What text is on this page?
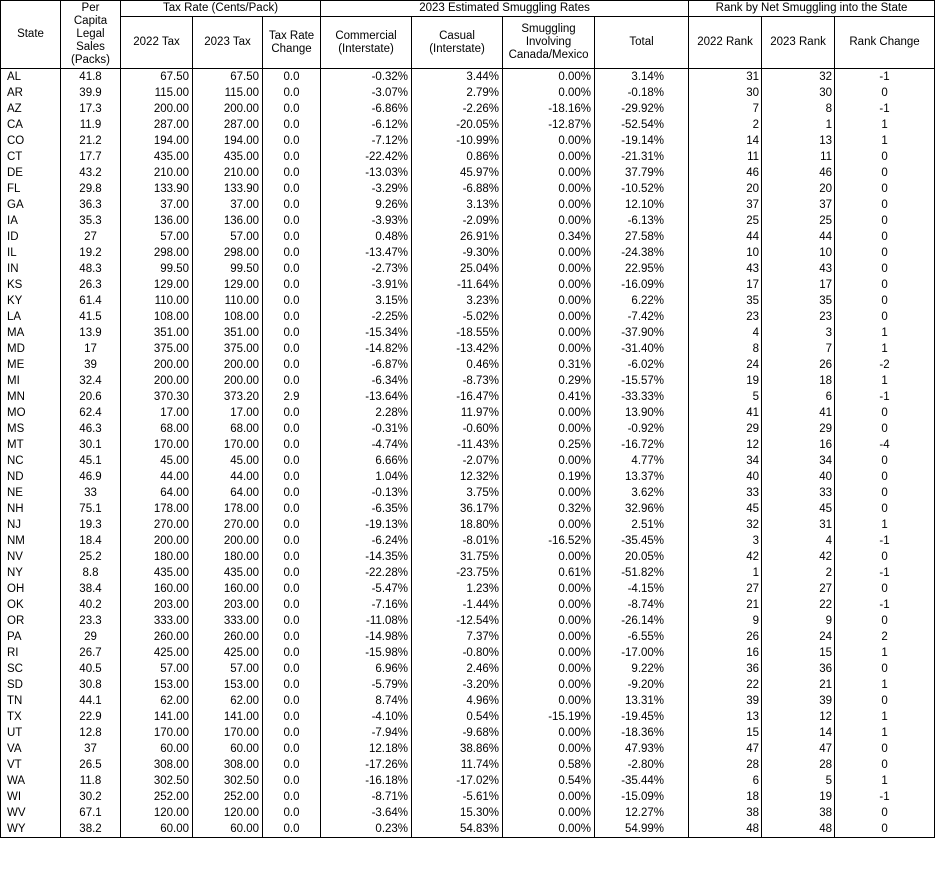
State	Per Capita Legal Sales (Packs)	Tax Rate (Cents/Pack)			2023 Estimated Smuggling Rates				Rank by Net Smuggling into the State		
		2022 Tax	2023 Tax	Tax Rate Change	Commercial (Interstate)	Casual (Interstate)	Smuggling Involving Canada/Mexico	Total	2022 Rank	2023 Rank	Rank Change
AL	41.8	67.50	67.50	0.0	-0.32%	3.44%	0.00%	3.14%	31	32	-1
AR	39.9	115.00	115.00	0.0	-3.07%	2.79%	0.00%	-0.18%	30	30	0
AZ	17.3	200.00	200.00	0.0	-6.86%	-2.26%	-18.16%	-29.92%	7	8	-1
CA	11.9	287.00	287.00	0.0	-6.12%	-20.05%	-12.87%	-52.54%	2	1	1
CO	21.2	194.00	194.00	0.0	-7.12%	-10.99%	0.00%	-19.14%	14	13	1
CT	17.7	435.00	435.00	0.0	-22.42%	0.86%	0.00%	-21.31%	11	11	0
DE	43.2	210.00	210.00	0.0	-13.03%	45.97%	0.00%	37.79%	46	46	0
FL	29.8	133.90	133.90	0.0	-3.29%	-6.88%	0.00%	-10.52%	20	20	0
GA	36.3	37.00	37.00	0.0	9.26%	3.13%	0.00%	12.10%	37	37	0
IA	35.3	136.00	136.00	0.0	-3.93%	-2.09%	0.00%	-6.13%	25	25	0
ID	27	57.00	57.00	0.0	0.48%	26.91%	0.34%	27.58%	44	44	0
IL	19.2	298.00	298.00	0.0	-13.47%	-9.30%	0.00%	-24.38%	10	10	0
IN	48.3	99.50	99.50	0.0	-2.73%	25.04%	0.00%	22.95%	43	43	0
KS	26.3	129.00	129.00	0.0	-3.91%	-11.64%	0.00%	-16.09%	17	17	0
KY	61.4	110.00	110.00	0.0	3.15%	3.23%	0.00%	6.22%	35	35	0
LA	41.5	108.00	108.00	0.0	-2.25%	-5.02%	0.00%	-7.42%	23	23	0
MA	13.9	351.00	351.00	0.0	-15.34%	-18.55%	0.00%	-37.90%	4	3	1
MD	17	375.00	375.00	0.0	-14.82%	-13.42%	0.00%	-31.40%	8	7	1
ME	39	200.00	200.00	0.0	-6.87%	0.46%	0.31%	-6.02%	24	26	-2
MI	32.4	200.00	200.00	0.0	-6.34%	-8.73%	0.29%	-15.57%	19	18	1
MN	20.6	370.30	373.20	2.9	-13.64%	-16.47%	0.41%	-33.33%	5	6	-1
MO	62.4	17.00	17.00	0.0	2.28%	11.97%	0.00%	13.90%	41	41	0
MS	46.3	68.00	68.00	0.0	-0.31%	-0.60%	0.00%	-0.92%	29	29	0
MT	30.1	170.00	170.00	0.0	-4.74%	-11.43%	0.25%	-16.72%	12	16	-4
NC	45.1	45.00	45.00	0.0	6.66%	-2.07%	0.00%	4.77%	34	34	0
ND	46.9	44.00	44.00	0.0	1.04%	12.32%	0.19%	13.37%	40	40	0
NE	33	64.00	64.00	0.0	-0.13%	3.75%	0.00%	3.62%	33	33	0
NH	75.1	178.00	178.00	0.0	-6.35%	36.17%	0.32%	32.96%	45	45	0
NJ	19.3	270.00	270.00	0.0	-19.13%	18.80%	0.00%	2.51%	32	31	1
NM	18.4	200.00	200.00	0.0	-6.24%	-8.01%	-16.52%	-35.45%	3	4	-1
NV	25.2	180.00	180.00	0.0	-14.35%	31.75%	0.00%	20.05%	42	42	0
NY	8.8	435.00	435.00	0.0	-22.28%	-23.75%	0.61%	-51.82%	1	2	-1
OH	38.4	160.00	160.00	0.0	-5.47%	1.23%	0.00%	-4.15%	27	27	0
OK	40.2	203.00	203.00	0.0	-7.16%	-1.44%	0.00%	-8.74%	21	22	-1
OR	23.3	333.00	333.00	0.0	-11.08%	-12.54%	0.00%	-26.14%	9	9	0
PA	29	260.00	260.00	0.0	-14.98%	7.37%	0.00%	-6.55%	26	24	2
RI	26.7	425.00	425.00	0.0	-15.98%	-0.80%	0.00%	-17.00%	16	15	1
SC	40.5	57.00	57.00	0.0	6.96%	2.46%	0.00%	9.22%	36	36	0
SD	30.8	153.00	153.00	0.0	-5.79%	-3.20%	0.00%	-9.20%	22	21	1
TN	44.1	62.00	62.00	0.0	8.74%	4.96%	0.00%	13.31%	39	39	0
TX	22.9	141.00	141.00	0.0	-4.10%	0.54%	-15.19%	-19.45%	13	12	1
UT	12.8	170.00	170.00	0.0	-7.94%	-9.68%	0.00%	-18.36%	15	14	1
VA	37	60.00	60.00	0.0	12.18%	38.86%	0.00%	47.93%	47	47	0
VT	26.5	308.00	308.00	0.0	-17.26%	11.74%	0.58%	-2.80%	28	28	0
WA	11.8	302.50	302.50	0.0	-16.18%	-17.02%	0.54%	-35.44%	6	5	1
WI	30.2	252.00	252.00	0.0	-8.71%	-5.61%	0.00%	-15.09%	18	19	-1
WV	67.1	120.00	120.00	0.0	-3.64%	15.30%	0.00%	12.27%	38	38	0
WY	38.2	60.00	60.00	0.0	0.23%	54.83%	0.00%	54.99%	48	48	0
